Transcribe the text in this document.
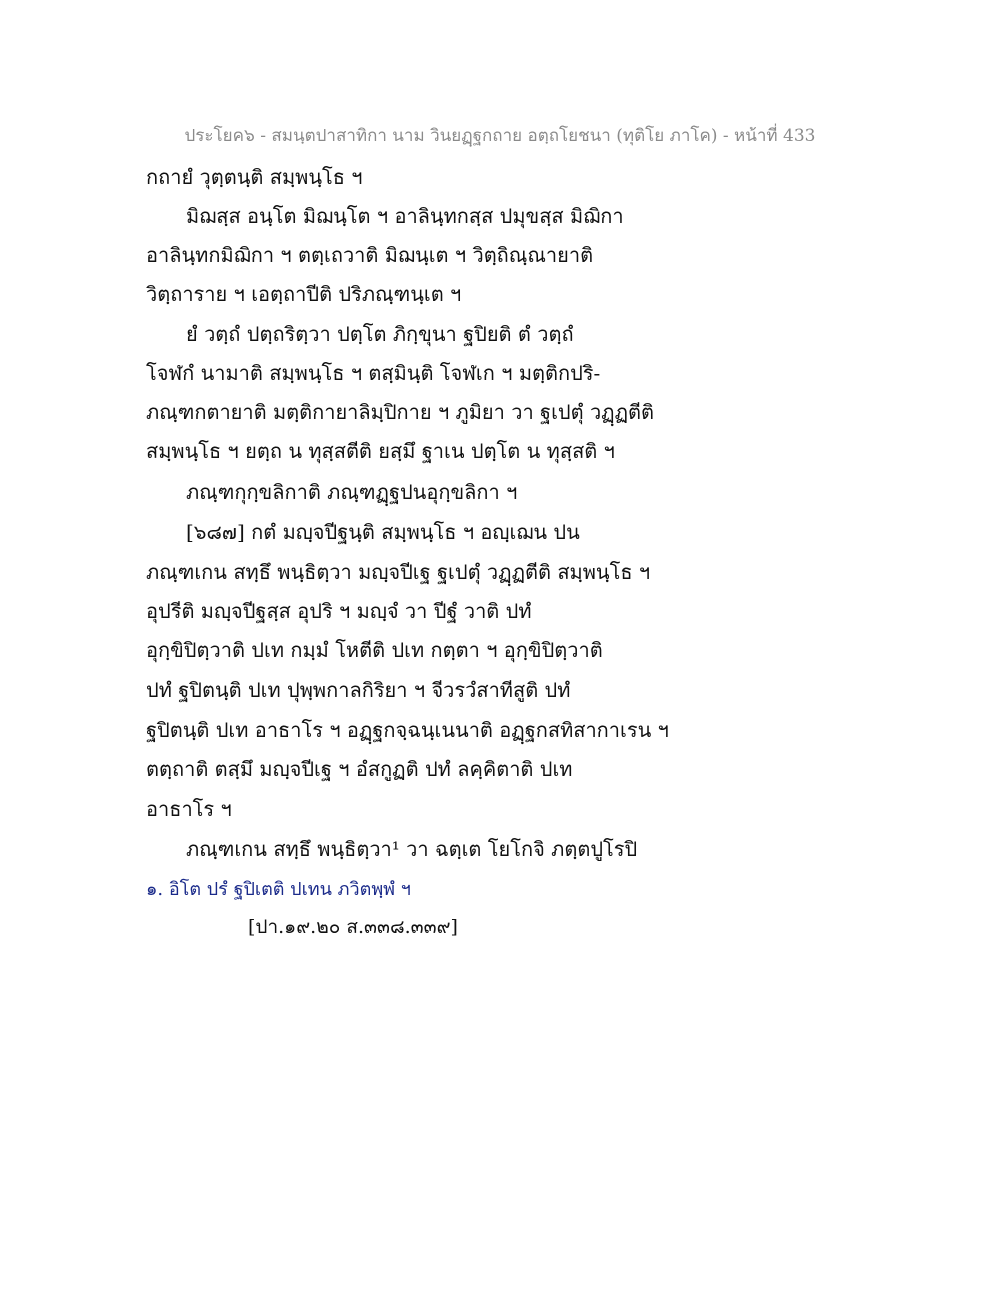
ประโยค๖ - สมนฺตปาสาทิกา นาม วินยฏฺฐกถาย อตฺถโยชนา (ทุติโย ภาโค) - หน้าที่ 433
กถายํ วุตฺตนฺติ สมฺพนฺโธ ฯ
มิฌสฺส อนฺโต มิฌนฺโต ฯ อาลินฺทกสฺส ปมุขสฺส มิฌิกา
อาลินฺทกมิฌิกา ฯ ตตฺเถวาติ มิฌนฺเต ฯ วิตฺถิณฺณายาติ
วิตฺถาราย ฯ เอตฺถาปีติ ปริภณฺฑนฺเต ฯ
ยํ วตฺถํ ปตฺถริตฺวา ปตฺโต ภิกฺขุนา ฐปิยติ ตํ วตฺถํ
โจฬกํ นามาติ สมฺพนฺโธ ฯ ตสฺมินฺติ โจฬเก ฯ มตฺติกปริ-
ภณฺฑกตายาติ มตฺติกายาลิมฺปิกาย ฯ ภูมิยา วา ฐเปตุํ วฏฺฏตีติ
สมฺพนฺโธ ฯ ยตฺถ น ทุสฺสตีติ ยสฺมึ ฐาเน ปตฺโต น ทุสฺสติ ฯ
ภณฺฑกุกฺขลิกาติ ภณฺฑฏฺฐปนอุกฺขลิกา ฯ
[๖๘๗] กตํ มญฺจปีฐนฺติ สมฺพนฺโธ ฯ อญฺเฌน ปน
ภณฺฑเกน สทฺธึ พนฺธิตฺวา มญฺจปีเฐ ฐเปตุํ วฏฺฏตีติ สมฺพนฺโธ ฯ
อุปรีติ มญฺจปีฐสฺส อุปริ ฯ มญฺจํ วา ปีฐํ วาติ ปทํ
อุกฺขิปิตฺวาติ ปเท กมฺมํ โหตีติ ปเท กตฺตา ฯ อุกฺขิปิตฺวาติ
ปทํ ฐปิตนฺติ ปเท ปุพฺพกาลกิริยา ฯ จีวรวํสาทีสูติ ปทํ
ฐปิตนฺติ ปเท อาธาโร ฯ อฏฺฐกจฺฉนฺเนนาติ อฏฺฐกสทิสากาเรน ฯ
ตตฺถาติ ตสฺมึ มญฺจปีเฐ ฯ อํสกูฏติ ปทํ ลคฺคิตาติ ปเท
อาธาโร ฯ
ภณฺฑเกน สทฺธึ พนฺธิตฺวา¹ วา ฉตฺเต โยโกจิ ภตฺตปูโรปิ
๑. อิโต ปรํ ฐปิเตติ ปเทน ภวิตพฺพํ ฯ
[ปา.๑๙.๒๐ ส.๓๓๘.๓๓๙]
